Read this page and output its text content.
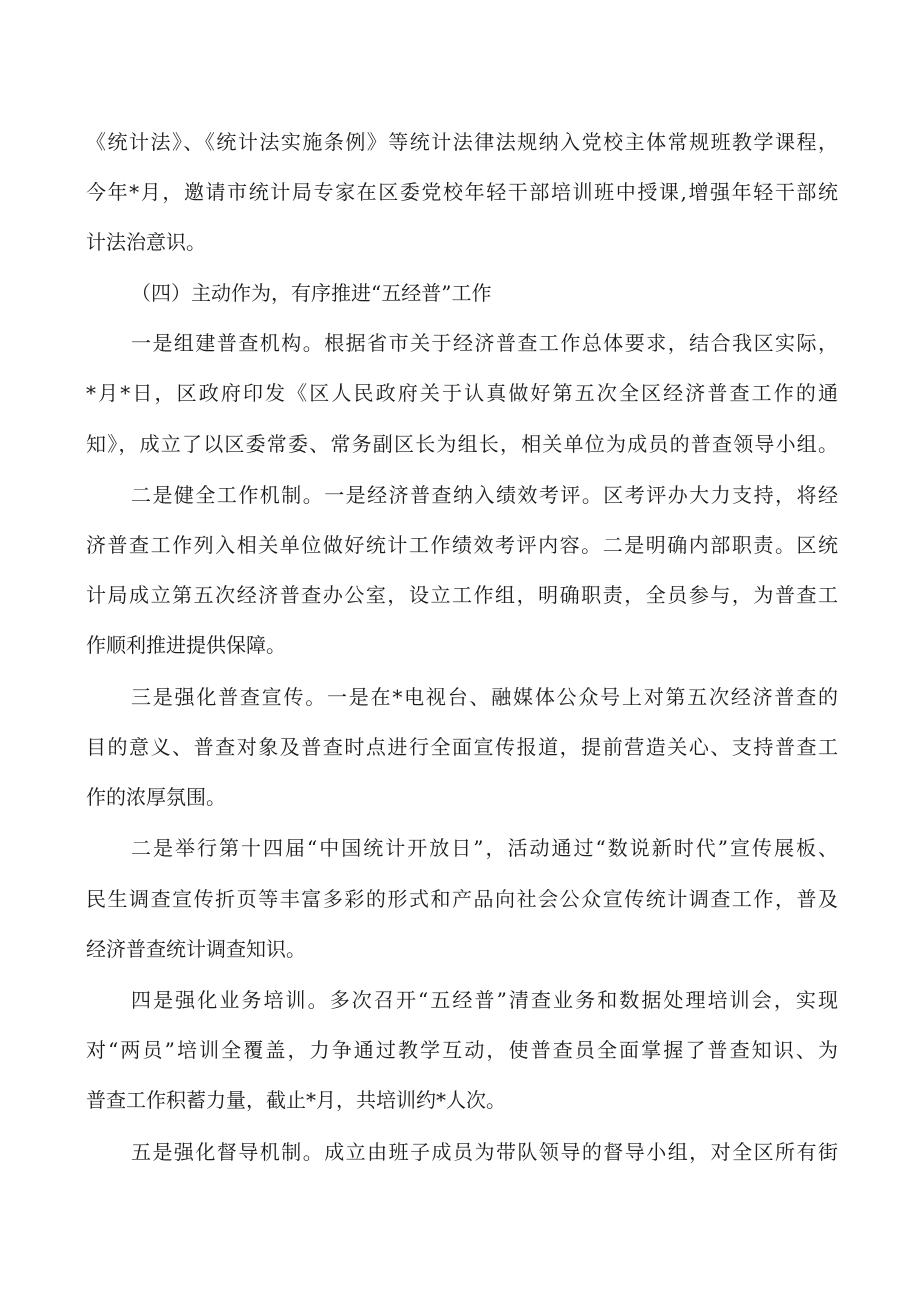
《统计法》、《统计法实施条例》等统计法律法规纳入党校主体常规班教学课程，
今年*月，邀请市统计局专家在区委党校年轻干部培训班中授课,增强年轻干部统
计法治意识。
（四）主动作为，有序推进“五经普”工作
一是组建普查机构。根据省市关于经济普查工作总体要求，结合我区实际，
*月*日，区政府印发《区人民政府关于认真做好第五次全区经济普查工作的通
知》，成立了以区委常委、常务副区长为组长，相关单位为成员的普查领导小组。
二是健全工作机制。一是经济普查纳入绩效考评。区考评办大力支持，将经
济普查工作列入相关单位做好统计工作绩效考评内容。二是明确内部职责。区统
计局成立第五次经济普查办公室，设立工作组，明确职责，全员参与，为普查工
作顺利推进提供保障。
三是强化普查宣传。一是在*电视台、融媒体公众号上对第五次经济普查的
目的意义、普查对象及普查时点进行全面宣传报道，提前营造关心、支持普查工
作的浓厚氛围。
二是举行第十四届“中国统计开放日”，活动通过“数说新时代”宣传展板、
民生调查宣传折页等丰富多彩的形式和产品向社会公众宣传统计调查工作，普及
经济普查统计调查知识。
四是强化业务培训。多次召开“五经普”清查业务和数据处理培训会，实现
对“两员”培训全覆盖，力争通过教学互动，使普查员全面掌握了普查知识、为
普查工作积蓄力量，截止*月，共培训约*人次。
五是强化督导机制。成立由班子成员为带队领导的督导小组，对全区所有街
